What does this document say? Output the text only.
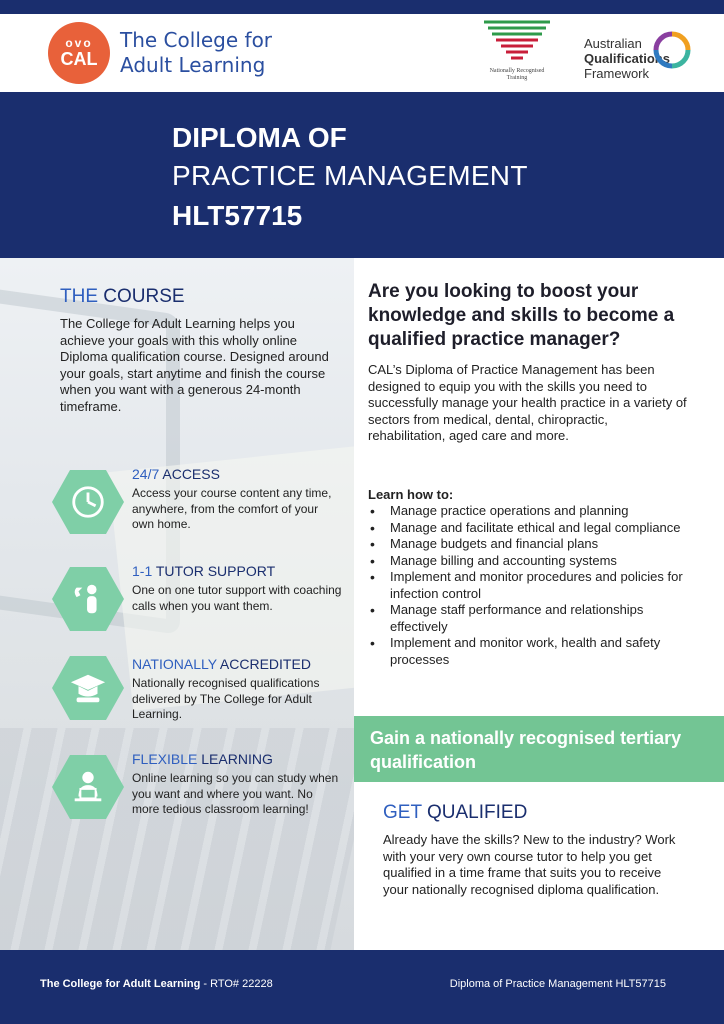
ovo
CAL
The College for
Adult Learning	Nationally Recognised
Training
Australian
Qualifications
Framework
DIPLOMA OF
PRACTICE MANAGEMENT
HLT57715
THE COURSE
The College for Adult Learning helps you achieve your goals with this wholly online Diploma qualification course. Designed around your goals, start anytime and finish the course when you want with a generous 24-month timeframe.
24/7 ACCESS
Access your course content any time, anywhere, from the comfort of your own home.
1-1 TUTOR SUPPORT
One on one tutor support with coaching calls when you want them.
NATIONALLY ACCREDITED
Nationally recognised qualifications delivered by The College for Adult Learning.
FLEXIBLE LEARNING
Online learning so you can study when you want and where you want. No more tedious classroom learning!
Are you looking to boost your knowledge and skills to become a qualified practice manager?
CAL’s Diploma of Practice Management has been designed to equip you with the skills you need to successfully manage your health practice in a variety of sectors from medical, dental, chiropractic, rehabilitation, aged care and more.
Learn how to:
• Manage practice operations and planning
• Manage and facilitate ethical and legal compliance
• Manage budgets and financial plans
• Manage billing and accounting systems
• Implement and monitor procedures and policies for infection control
• Manage staff performance and relationships effectively
• Implement and monitor work, health and safety processes
Gain a nationally recognised tertiary qualification
GET QUALIFIED
Already have the skills? New to the industry? Work with your very own course tutor to help you get qualified in a time frame that suits you to receive your nationally recognised diploma qualification.
The College for Adult Learning - RTO# 22228	Diploma of Practice Management HLT57715
